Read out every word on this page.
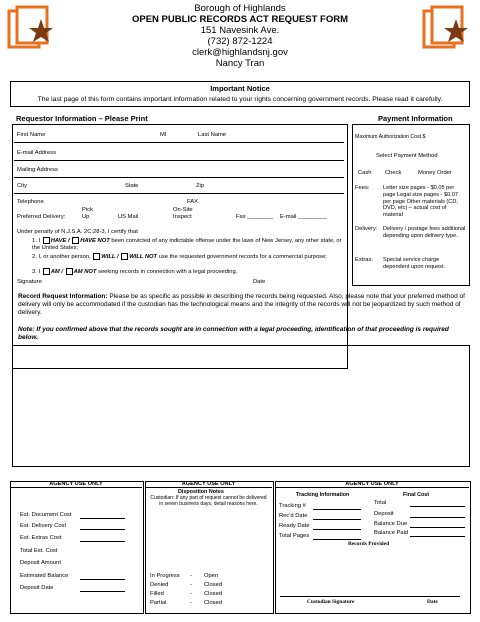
Borough of Highlands
OPEN PUBLIC RECORDS ACT REQUEST FORM
151 Navesink Ave.
(732) 872-1224
clerk@highlandsnj.gov
Nancy Tran
Important Notice
The last page of this form contains important information related to your rights concerning government records. Please read it carefully.
Requestor Information – Please Print	Payment Information
First Name	MI	Last Name
E-mail Address
Mailing Address
City	State	Zip
Telephone	FAX
Pick	On-Site
Preferred Delivery:	Up	US Mail	Inspect	Fax ________ E-mail _________
Under penalty of N.J.S.A. 2C:28-3, I certify that
1. I HAVE / HAVE NOT been convicted of any indictable offense under the laws of New Jersey, any other state, or the United States;
2. I, or another person, WILL / WILL NOT use the requested government records for a commercial purpose;
3. I AM / AM NOT seeking records in connection with a legal proceeding.
Signature	Date
Maximum Authorization Cost $
Select Payment Method
Cash Check	Money Order
Fees: Letter size pages - $0.05 per page Legal size pages - $0.07 per page Other materials (CD, DVD, etc) – actual cost of material
Delivery: Delivery / postage fees additional depending upon delivery type.
Extras: Special service charge dependent upon request.
Record Request Information: Please be as specific as possible in describing the records being requested. Also, please note that your preferred method of delivery will only be accommodated if the custodian has the technological means and the integrity of the records will not be jeopardized by such method of delivery.
Note: If you confirmed above that the records sought are in connection with a legal proceeding, identification of that proceeding is required below.
AGENCY USE ONLY	AGENCY USE ONLY	AGENCY USE ONLY
Est. Document Cost
Est. Delivery Cost
Est. Extras Cost
Total Est. Cost
Deposit Amount
Estimated Balance
Deposit Date
Disposition Notes
Custodian: If any part of request cannot be delivered in seven business days, detail reasons here.
In Progress - Open
Denied	- Closed
Filled	- Closed
Partial	- Closed
Tracking Information	Final Cost
Tracking #
Rec'd Date
Ready Date
Total Pages
Total
Deposit
Balance Due
Balance Paid
Records Provided
Custodian Signature	Date
